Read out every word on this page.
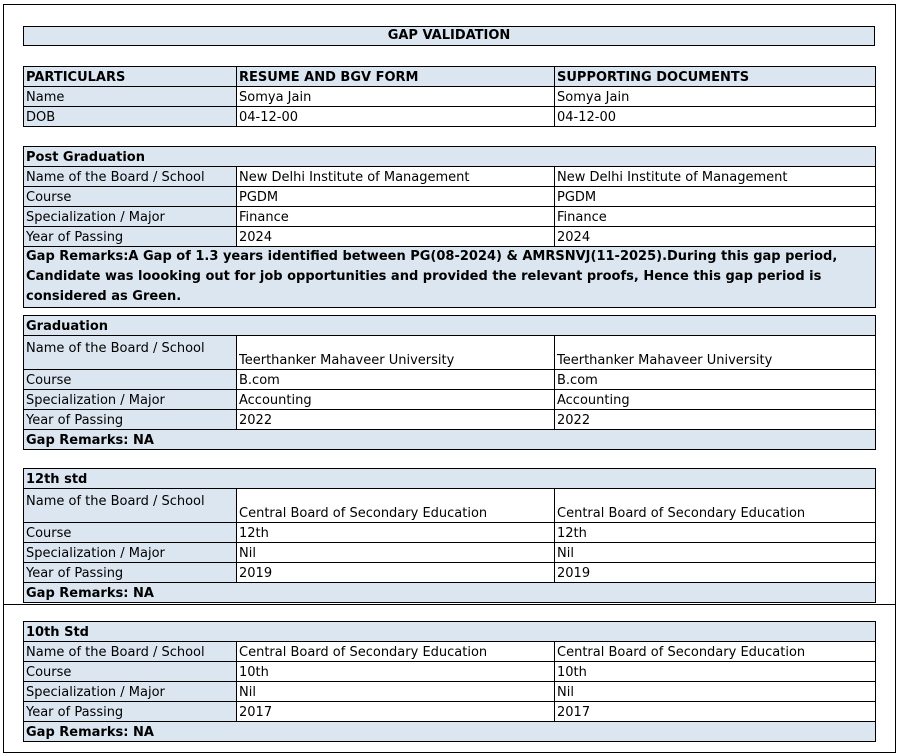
GAP VALIDATION
PARTICULARS	RESUME AND BGV FORM	SUPPORTING DOCUMENTS
Name	Somya Jain	Somya Jain
DOB	04-12-00	04-12-00
Post Graduation		
Name of the Board / School	New Delhi Institute of Management	New Delhi Institute of Management
Course	PGDM	PGDM
Specialization / Major	Finance	Finance
Year of Passing	2024	2024
Gap Remarks:A Gap of 1.3 years identified between PG(08-2024) & AMRSNVJ(11-2025).During this gap period, Candidate was loooking out for job opportunities and provided the relevant proofs, Hence this gap period is considered as Green.		
Graduation		
Name of the Board / School	Teerthanker Mahaveer University	Teerthanker Mahaveer University
Course	B.com	B.com
Specialization / Major	Accounting	Accounting
Year of Passing	2022	2022
Gap Remarks: NA		
12th std		
Name of the Board / School	Central Board of Secondary Education	Central Board of Secondary Education
Course	12th	12th
Specialization / Major	Nil	Nil
Year of Passing	2019	2019
Gap Remarks: NA		
10th Std		
Name of the Board / School	Central Board of Secondary Education	Central Board of Secondary Education
Course	10th	10th
Specialization / Major	Nil	Nil
Year of Passing	2017	2017
Gap Remarks: NA		
